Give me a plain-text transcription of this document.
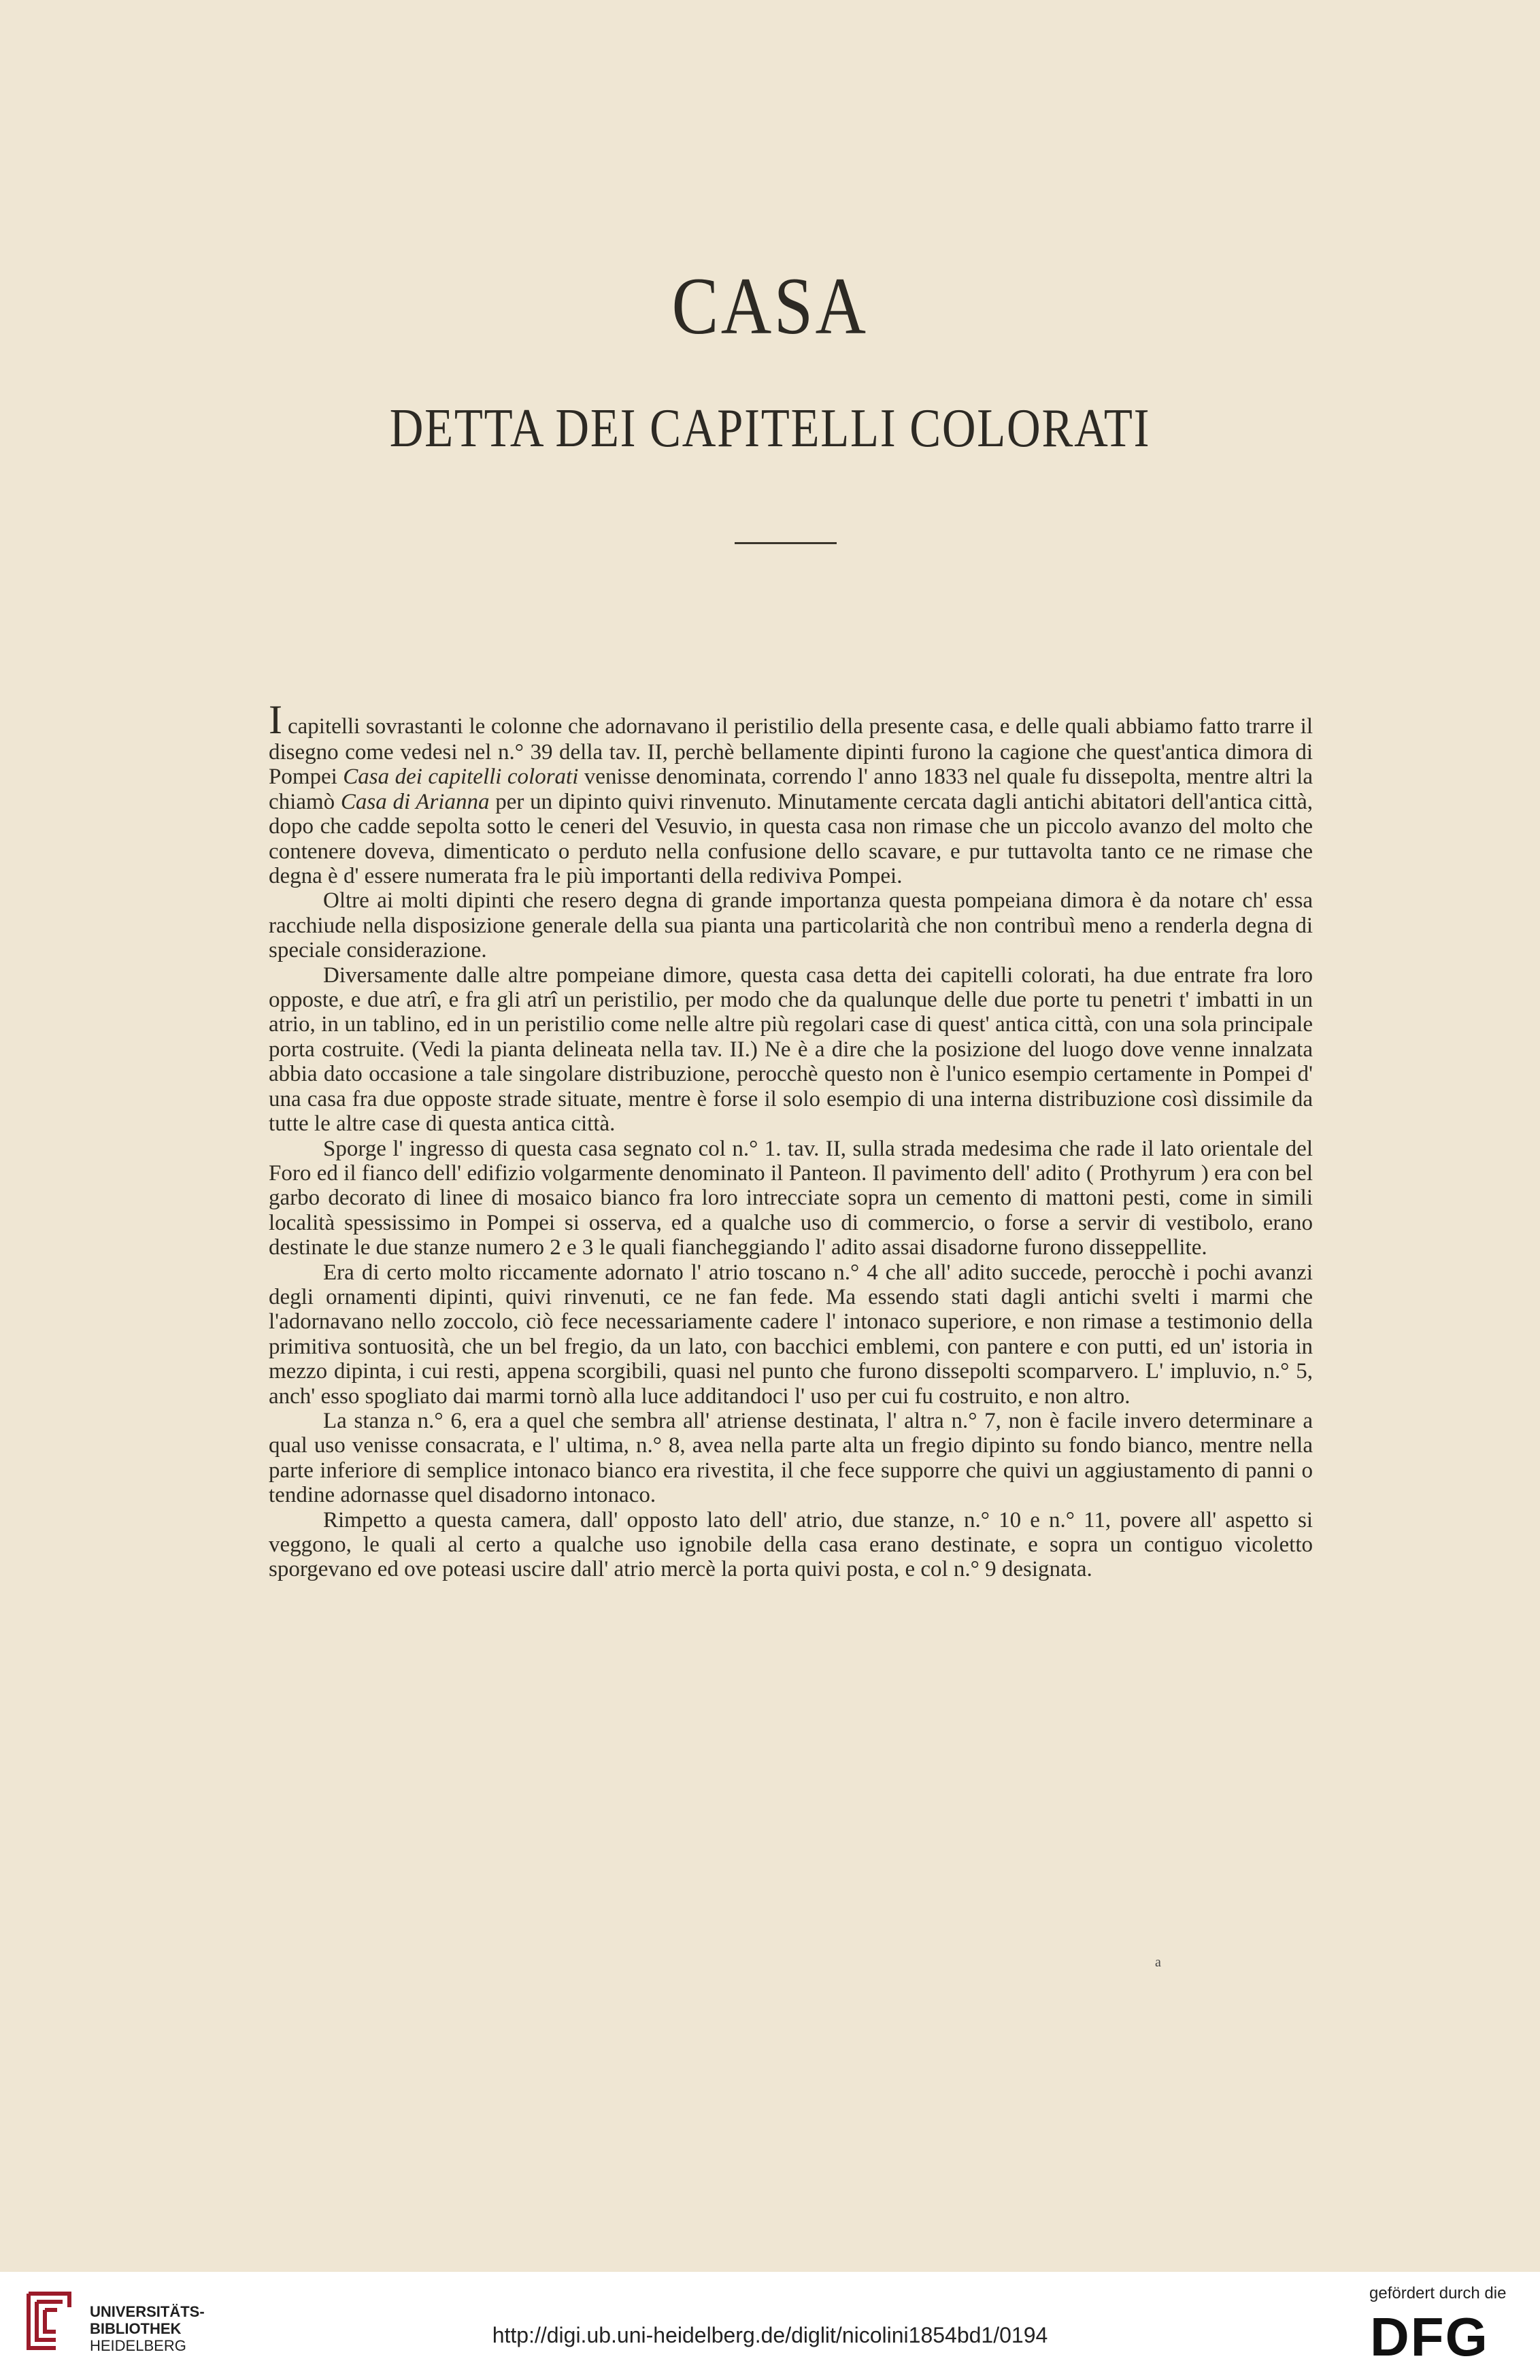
CASA
DETTA DEI CAPITELLI COLORATI

Icapitelli sovrastanti le colonne che adornavano il peristilio della presente casa, e delle quali abbiamo fatto trarre il disegno come vedesi nel n.° 39 della tav. II, perchè bellamente dipinti furono la cagione che quest'antica dimora di Pompei Casa dei capitelli colorati venisse denominata, correndo l' anno 1833 nel quale fu dissepolta, mentre altri la chiamò Casa di Arianna per un dipinto quivi rinvenuto. Minutamente cercata dagli antichi abitatori dell'antica città, dopo che cadde sepolta sotto le ceneri del Vesuvio, in questa casa non rimase che un piccolo avanzo del molto che contenere doveva, dimenticato o perduto nella confusione dello scavare, e pur tuttavolta tanto ce ne rimase che degna è d' essere numerata fra le più importanti della rediviva Pompei.

Oltre ai molti dipinti che resero degna di grande importanza questa pompeiana dimora è da notare ch' essa racchiude nella disposizione generale della sua pianta una particolarità che non contribuì meno a renderla degna di speciale considerazione.

Diversamente dalle altre pompeiane dimore, questa casa detta dei capitelli colorati, ha due entrate fra loro opposte, e due atrî, e fra gli atrî un peristilio, per modo che da qualunque delle due porte tu penetri t' imbatti in un atrio, in un tablino, ed in un peristilio come nelle altre più regolari case di quest' antica città, con una sola principale porta costruite. (Vedi la pianta delineata nella tav. II.) Ne è a dire che la posizione del luogo dove venne innalzata abbia dato occasione a tale singolare distribuzione, perocchè questo non è l'unico esempio certamente in Pompei d' una casa fra due opposte strade situate, mentre è forse il solo esempio di una interna distribuzione così dissimile da tutte le altre case di questa antica città.

Sporge l' ingresso di questa casa segnato col n.° 1. tav. II, sulla strada medesima che rade il lato orientale del Foro ed il fianco dell' edifizio volgarmente denominato il Panteon. Il pavimento dell' adito ( Prothyrum ) era con bel garbo decorato di linee di mosaico bianco fra loro intrecciate sopra un cemento di mattoni pesti, come in simili località spessissimo in Pompei si osserva, ed a qualche uso di commercio, o forse a servir di vestibolo, erano destinate le due stanze numero 2 e 3 le quali fiancheggiando l' adito assai disadorne furono disseppellite.

Era di certo molto riccamente adornato l' atrio toscano n.° 4 che all' adito succede, perocchè i pochi avanzi degli ornamenti dipinti, quivi rinvenuti, ce ne fan fede. Ma essendo stati dagli antichi svelti i marmi che l'adornavano nello zoccolo, ciò fece necessariamente cadere l' intonaco superiore, e non rimase a testimonio della primitiva sontuosità, che un bel fregio, da un lato, con bacchici emblemi, con pantere e con putti, ed un' istoria in mezzo dipinta, i cui resti, appena scorgibili, quasi nel punto che furono dissepolti scomparvero. L' impluvio, n.° 5, anch' esso spogliato dai marmi tornò alla luce additandoci l' uso per cui fu costruito, e non altro.

La stanza n.° 6, era a quel che sembra all' atriense destinata, l' altra n.° 7, non è facile invero determinare a qual uso venisse consacrata, e l' ultima, n.° 8, avea nella parte alta un fregio dipinto su fondo bianco, mentre nella parte inferiore di semplice intonaco bianco era rivestita, il che fece supporre che quivi un aggiustamento di panni o tendine adornasse quel disadorno intonaco.

Rimpetto a questa camera, dall' opposto lato dell' atrio, due stanze, n.° 10 e n.° 11, povere all' aspetto si veggono, le quali al certo a qualche uso ignobile della casa erano destinate, e sopra un contiguo vicoletto sporgevano ed ove poteasi uscire dall' atrio mercè la porta quivi posta, e col n.° 9 designata.

a
UNIVERSITÄTS-
BIBLIOTHEK
HEIDELBERG	http://digi.ub.uni-heidelberg.de/diglit/nicolini1854bd1/0194
gefördert durch die
DFG
